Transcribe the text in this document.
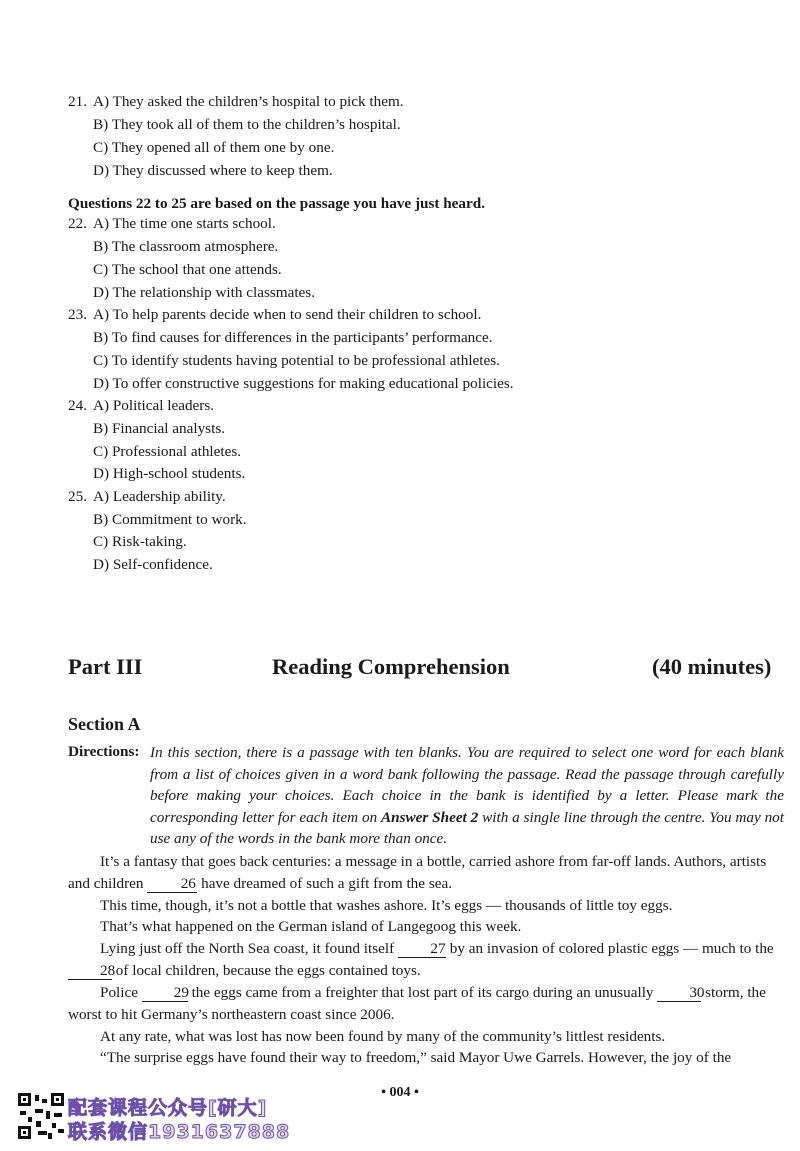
21. A) They asked the children’s hospital to pick them.
B) They took all of them to the children’s hospital.
C) They opened all of them one by one.
D) They discussed where to keep them.
Questions 22 to 25 are based on the passage you have just heard.
22. A) The time one starts school.
B) The classroom atmosphere.
C) The school that one attends.
D) The relationship with classmates.
23. A) To help parents decide when to send their children to school.
B) To find causes for differences in the participants’ performance.
C) To identify students having potential to be professional athletes.
D) To offer constructive suggestions for making educational policies.
24. A) Political leaders.
B) Financial analysts.
C) Professional athletes.
D) High-school students.
25. A) Leadership ability.
B) Commitment to work.
C) Risk-taking.
D) Self-confidence.
Part III	Reading Comprehension	(40 minutes)
Section A
Directions: In this section, there is a passage with ten blanks. You are required to select one word for each blank from a list of choices given in a word bank following the passage. Read the passage through carefully before making your choices. Each choice in the bank is identified by a letter. Please mark the corresponding letter for each item on Answer Sheet 2 with a single line through the centre. You may not use any of the words in the bank more than once.
It’s a fantasy that goes back centuries: a message in a bottle, carried ashore from far-off lands. Authors, artists and children 26 have dreamed of such a gift from the sea.
This time, though, it’s not a bottle that washes ashore. It’s eggs — thousands of little toy eggs.
That’s what happened on the German island of Langegoog this week.
Lying just off the North Sea coast, it found itself 27 by an invasion of colored plastic eggs — much to the 28 of local children, because the eggs contained toys.
Police 29 the eggs came from a freighter that lost part of its cargo during an unusually 30 storm, the worst to hit Germany’s northeastern coast since 2006.
At any rate, what was lost has now been found by many of the community’s littlest residents.
“The surprise eggs have found their way to freedom,” said Mayor Uwe Garrels. However, the joy of the
• 004 •
配套课程公众号[研大]
联系微信1931637888
